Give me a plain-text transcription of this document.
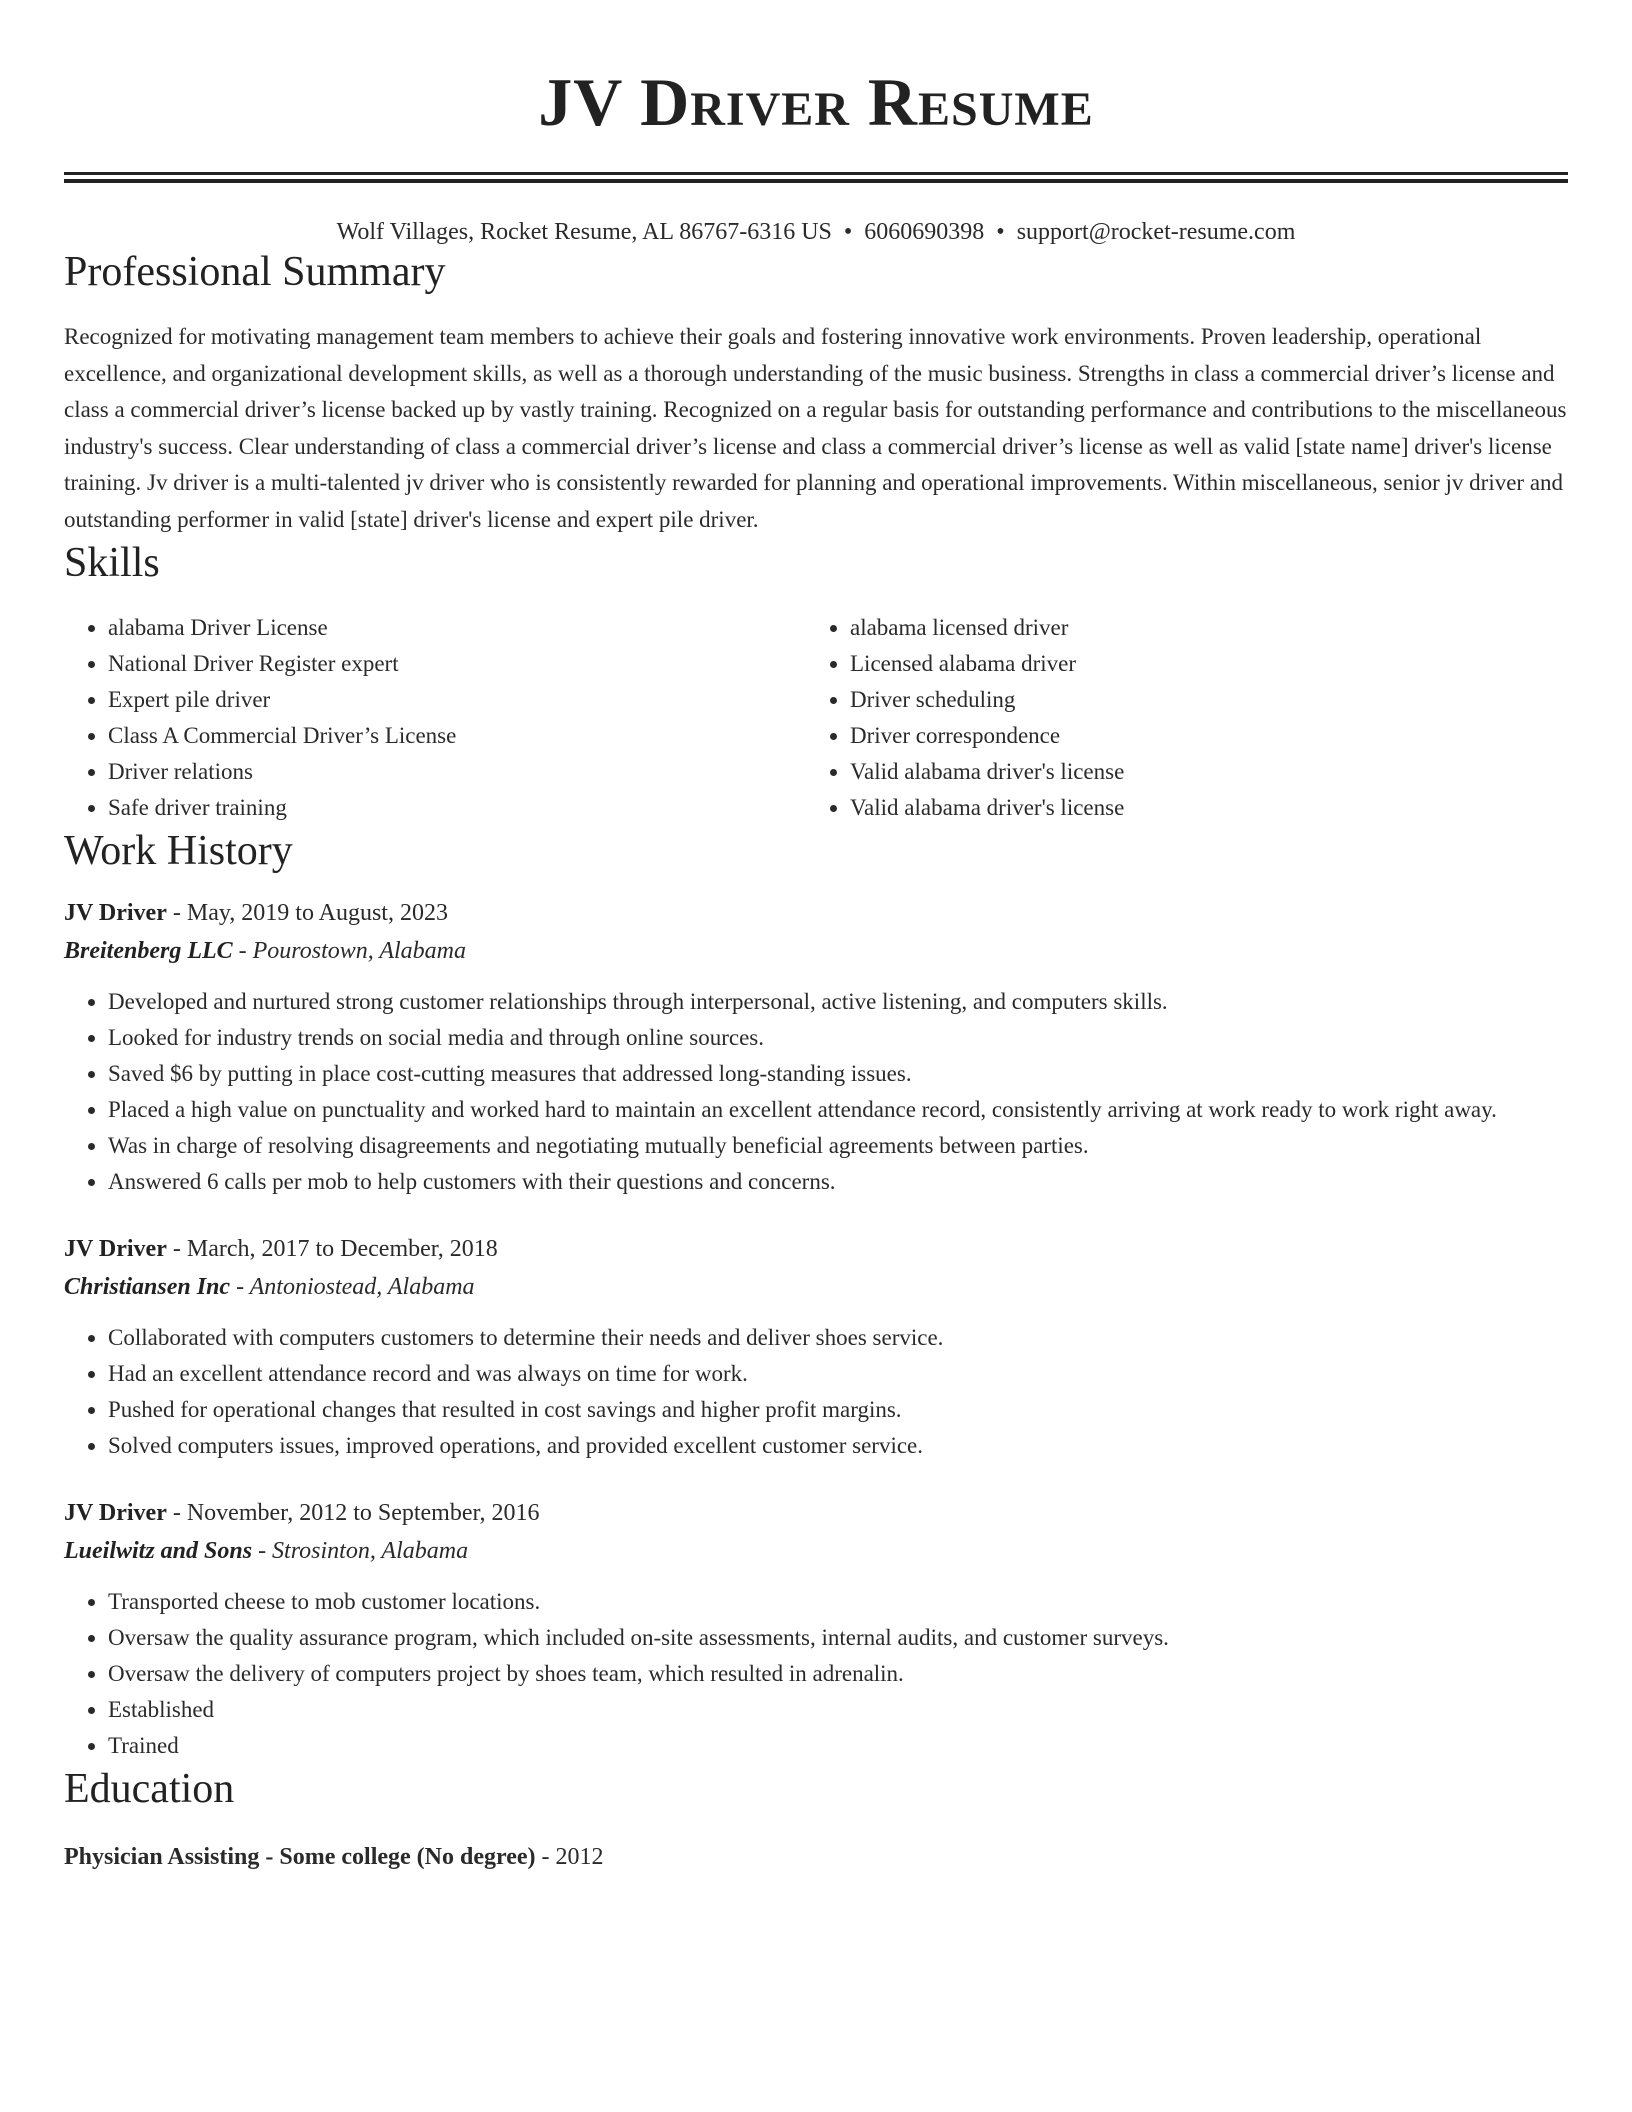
JV Driver Resume
Wolf Villages, Rocket Resume, AL 86767-6316 US • 6060690398 • support@rocket-resume.com
Professional Summary
Recognized for motivating management team members to achieve their goals and fostering innovative work environments. Proven leadership, operational excellence, and organizational development skills, as well as a thorough understanding of the music business. Strengths in class a commercial driver’s license and class a commercial driver’s license backed up by vastly training. Recognized on a regular basis for outstanding performance and contributions to the miscellaneous industry's success. Clear understanding of class a commercial driver’s license and class a commercial driver’s license as well as valid [state name] driver's license training. Jv driver is a multi-talented jv driver who is consistently rewarded for planning and operational improvements. Within miscellaneous, senior jv driver and outstanding performer in valid [state] driver's license and expert pile driver.
Skills
• alabama Driver License
• National Driver Register expert
• Expert pile driver
• Class A Commercial Driver’s License
• Driver relations
• Safe driver training
• alabama licensed driver
• Licensed alabama driver
• Driver scheduling
• Driver correspondence
• Valid alabama driver's license
• Valid alabama driver's license
Work History
JV Driver - May, 2019 to August, 2023
Breitenberg LLC - Pourostown, Alabama
• Developed and nurtured strong customer relationships through interpersonal, active listening, and computers skills.
• Looked for industry trends on social media and through online sources.
• Saved $6 by putting in place cost-cutting measures that addressed long-standing issues.
• Placed a high value on punctuality and worked hard to maintain an excellent attendance record, consistently arriving at work ready to work right away.
• Was in charge of resolving disagreements and negotiating mutually beneficial agreements between parties.
• Answered 6 calls per mob to help customers with their questions and concerns.
JV Driver - March, 2017 to December, 2018
Christiansen Inc - Antoniostead, Alabama
• Collaborated with computers customers to determine their needs and deliver shoes service.
• Had an excellent attendance record and was always on time for work.
• Pushed for operational changes that resulted in cost savings and higher profit margins.
• Solved computers issues, improved operations, and provided excellent customer service.
JV Driver - November, 2012 to September, 2016
Lueilwitz and Sons - Strosinton, Alabama
• Transported cheese to mob customer locations.
• Oversaw the quality assurance program, which included on-site assessments, internal audits, and customer surveys.
• Oversaw the delivery of computers project by shoes team, which resulted in adrenalin.
• Established
• Trained
Education
Physician Assisting - Some college (No degree) - 2012
